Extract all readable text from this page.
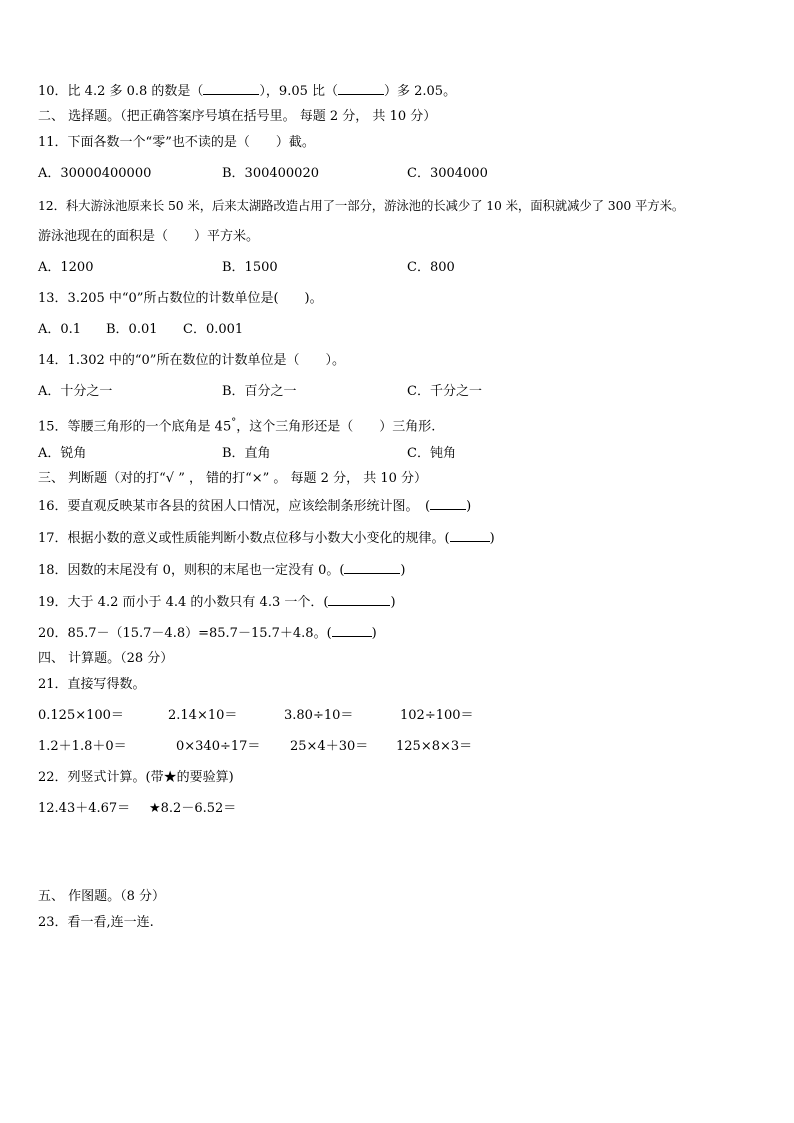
10．比 4.2 多 0.8 的数是（	），9.05 比（	）多 2.05。
二、 选择题。（把正确答案序号填在括号里。 每题 2 分， 共 10 分）
11．下面各数一个“零”也不读的是（　　）截。
A．30000400000	B．300400020	C．3004000
12．科大游泳池原来长 50 米，后来太湖路改造占用了一部分，游泳池的长减少了 10 米，面积就减少了 300 平方米。
游泳池现在的面积是（　　）平方米。
A．1200	B．1500	C．800
13．3.205 中“0”所占数位的计数单位是(　　)。
A．0.1 B．0.01 C．0.001
14．1.302 中的“0”所在数位的计数单位是（　　）。
A．十分之一	B．百分之一	C．千分之一
15．等腰三角形的一个底角是 45°，这个三角形还是（　　）三角形.
A．锐角	B．直角	C．钝角
三、 判断题（对的打“√ ” ， 错的打“×” 。 每题 2 分， 共 10 分）
16．要直观反映某市各县的贫困人口情况，应该绘制条形统计图。　(	)
17．根据小数的意义或性质能判断小数点位移与小数大小变化的规律。(	)
18．因数的末尾没有 0，则积的末尾也一定没有 0。(	)
19．大于 4.2 而小于 4.4 的小数只有 4.3 一个．(	)
20．85.7－（15.7－4.8）=85.7－15.7＋4.8。(	)
四、 计算题。（28 分）
21．直接写得数。
0.125×100＝	2.14×10＝	3.80÷10＝	102÷100＝
1.2＋1.8＋0＝	0×340÷17＝ 25×4＋30＝ 125×8×3＝
22．列竖式计算。(带★的要验算)
12.43＋4.67＝ ★8.2－6.52＝
五、 作图题。（8 分）
23．看一看,连一连.
